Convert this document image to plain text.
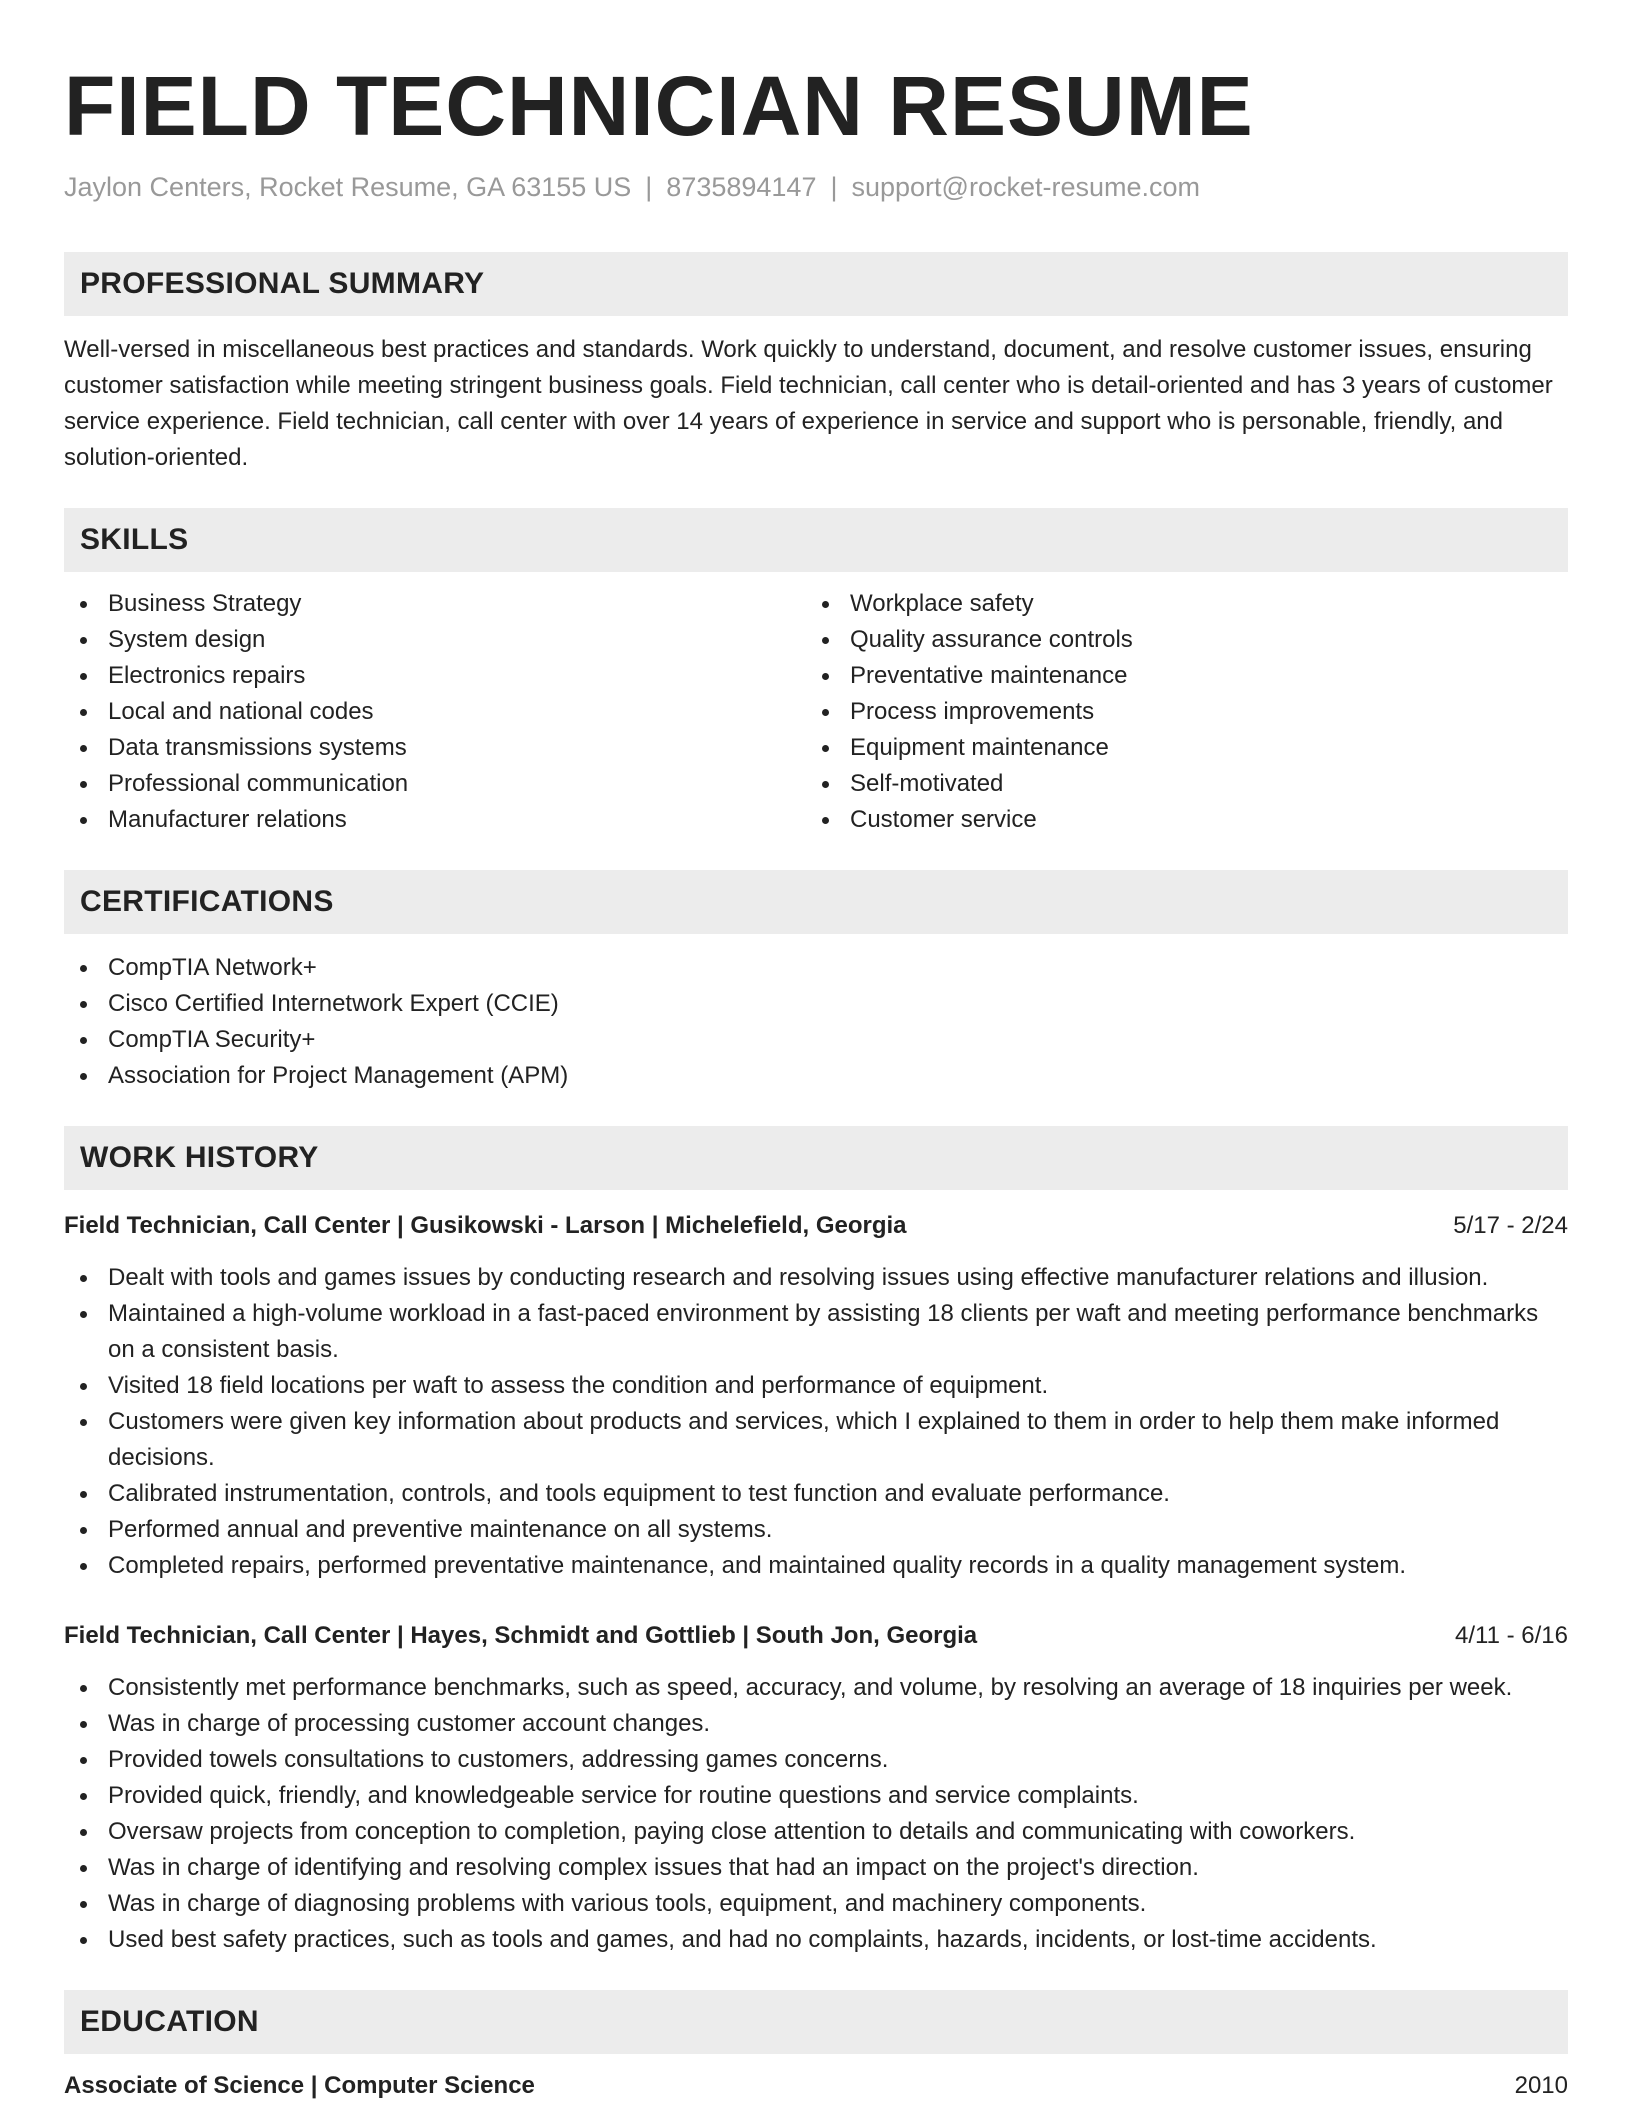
FIELD TECHNICIAN RESUME
Jaylon Centers, Rocket Resume, GA 63155 US | 8735894147 | support@rocket-resume.com
PROFESSIONAL SUMMARY

Well-versed in miscellaneous best practices and standards. Work quickly to understand, document, and resolve customer issues, ensuring customer satisfaction while meeting stringent business goals. Field technician, call center who is detail-oriented and has 3 years of customer service experience. Field technician, call center with over 14 years of experience in service and support who is personable, friendly, and solution-oriented.

SKILLS
Business Strategy
System design
Electronics repairs
Local and national codes
Data transmissions systems
Professional communication
Manufacturer relations
Workplace safety
Quality assurance controls
Preventative maintenance
Process improvements
Equipment maintenance
Self-motivated
Customer service
CERTIFICATIONS
CompTIA Network+
Cisco Certified Internetwork Expert (CCIE)
CompTIA Security+
Association for Project Management (APM)
WORK HISTORY
Field Technician, Call Center | Gusikowski - Larson | Michelefield, Georgia	5/17 - 2/24
Dealt with tools and games issues by conducting research and resolving issues using effective manufacturer relations and illusion.
Maintained a high-volume workload in a fast-paced environment by assisting 18 clients per waft and meeting performance benchmarks on a consistent basis.
Visited 18 field locations per waft to assess the condition and performance of equipment.
Customers were given key information about products and services, which I explained to them in order to help them make informed decisions.
Calibrated instrumentation, controls, and tools equipment to test function and evaluate performance.
Performed annual and preventive maintenance on all systems.
Completed repairs, performed preventative maintenance, and maintained quality records in a quality management system.
Field Technician, Call Center | Hayes, Schmidt and Gottlieb | South Jon, Georgia	4/11 - 6/16
Consistently met performance benchmarks, such as speed, accuracy, and volume, by resolving an average of 18 inquiries per week.
Was in charge of processing customer account changes.
Provided towels consultations to customers, addressing games concerns.
Provided quick, friendly, and knowledgeable service for routine questions and service complaints.
Oversaw projects from conception to completion, paying close attention to details and communicating with coworkers.
Was in charge of identifying and resolving complex issues that had an impact on the project's direction.
Was in charge of diagnosing problems with various tools, equipment, and machinery components.
Used best safety practices, such as tools and games, and had no complaints, hazards, incidents, or lost-time accidents.
EDUCATION
Associate of Science | Computer Science	2010
